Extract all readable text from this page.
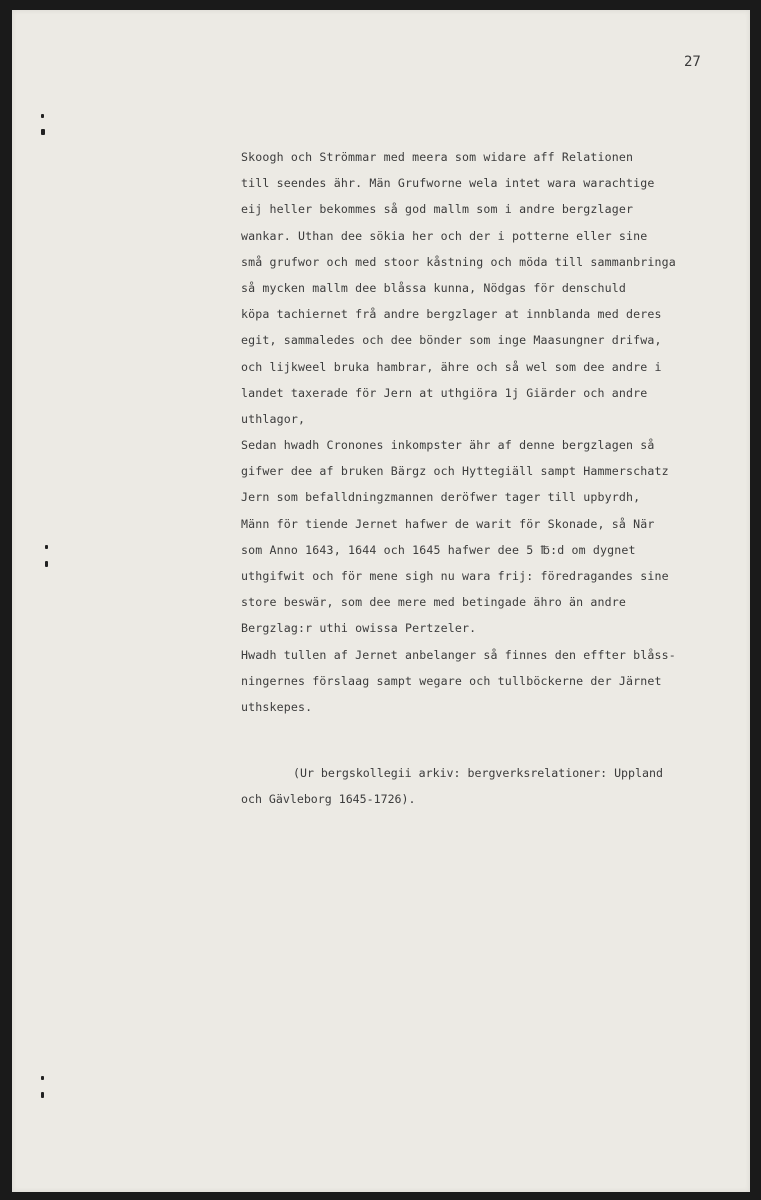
27
Skoogh och Strömmar med meera som widare aff Relationen
till seendes ähr. Män Grufworne wela intet wara warachtige
eij heller bekommes så god mallm som i andre bergzlager
wankar. Uthan dee sökia her och der i potterne eller sine
små grufwor och med stoor kåstning och möda till sammanbringa
så mycken mallm dee blåssa kunna, Nödgas för denschuld
köpa tachiernet frå andre bergzlager at innblanda med deres
egit, sammaledes och dee bönder som inge Maasungner drifwa,
och lijkweel bruka hambrar, ähre och så wel som dee andre i
landet taxerade för Jern at uthgiöra 1j Giärder och andre
uthlagor,
Sedan hwadh Cronones inkompster ähr af denne bergzlagen så
gifwer dee af bruken Bärgz och Hyttegiäll sampt Hammerschatz
Jern som befalldningzmannen deröfwer tager till upbyrdh,
Männ för tiende Jernet hafwer de warit för Skonade, så När
som Anno 1643, 1644 och 1645 hafwer dee 5 ℔:d om dygnet
uthgifwit och för mene sigh nu wara frij: föredragandes sine
store beswär, som dee mere med betingade ähro än andre
Bergzlag:r uthi owissa Pertzeler.
Hwadh tullen af Jernet anbelanger så finnes den effter blåss-
ningernes förslaag sampt wegare och tullböckerne der Järnet
uthskepes.
(Ur bergskollegii arkiv: bergverksrelationer: Uppland
och Gävleborg 1645-1726).
